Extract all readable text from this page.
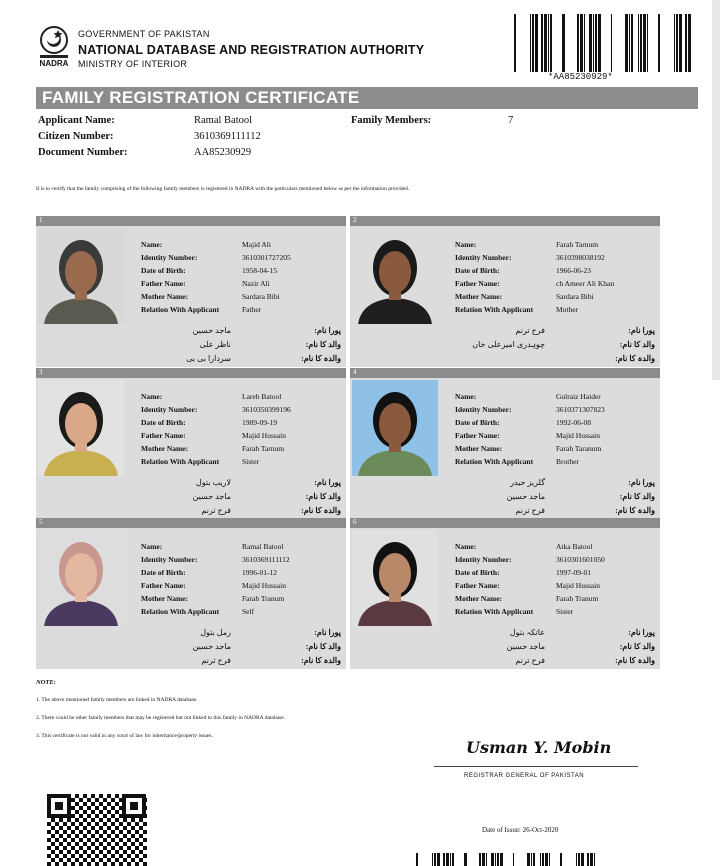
NADRA
GOVERNMENT OF PAKISTAN
NATIONAL DATABASE AND REGISTRATION AUTHORITY
MINISTRY OF INTERIOR
*AA85230929*
FAMILY REGISTRATION CERTIFICATE
Applicant Name:	Ramal Batool
Citizen Number:	3610369111112
Document Number:	AA85230929
Family Members:	7
It is to certify that the family comprising of the following family members is registered in NADRA with the particulars mentioned below as per the information provided.
1
Name:	Majid Ali
Identity Number:	3610301727205
Date of Birth:	1958-04-15
Father Name:	Nazir Ali
Mother Name:	Sardara Bibi
Relation With Applicant	Father
پورا نام:
ماجد حسین
والد کا نام:
ناظر علی
والدہ کا نام:
سردارا بی بی
2
Name:	Farah Tarnum
Identity Number:	3610398038192
Date of Birth:	1966-06-23
Father Name:	ch Ameer Ali Khan
Mother Name:	Sardara Bibi
Relation With Applicant	Mother
پورا نام:
فرح ترنم
والد کا نام:
چوہدری امیرعلی خاں
والدہ کا نام:
3
Name:	Lareb Batool
Identity Number:	3610350399196
Date of Birth:	1989-09-19
Father Name:	Majid Hussain
Mother Name:	Farah Tarnum
Relation With Applicant	Sister
پورا نام:
لاریب بتول
والد کا نام:
ماجد حسین
والدہ کا نام:
فرح ترنم
4
Name:	Gulraiz Haider
Identity Number:	3610371307823
Date of Birth:	1992-06-08
Father Name:	Majid Hussain
Mother Name:	Farah Taranum
Relation With Applicant	Brother
پورا نام:
گلریز حیدر
والد کا نام:
ماجد حسین
والدہ کا نام:
فرح ترنم
5
Name:	Ramal Batool
Identity Number:	3610369111112
Date of Birth:	1996-01-12
Father Name:	Majid Hussain
Mother Name:	Farah Tranum
Relation With Applicant	Self
پورا نام:
رمل بتول
والد کا نام:
ماجد حسین
والدہ کا نام:
فرح ترنم
6
Name:	Atka Batool
Identity Number:	3610301601050
Date of Birth:	1997-09-01
Father Name:	Majid Hussain
Mother Name:	Farah Tranum
Relation With Applicant	Sister
پورا نام:
عاتکہ بتول
والد کا نام:
ماجد حسین
والدہ کا نام:
فرح ترنم
NOTE:
1. The above mentioned family members are linked in NADRA database.
2. There could be other family members that may be registered but not linked to this family in NADRA database.
3. This certificate is not valid in any court of law for inheritance/property issues.
Usman Y. Mobin
REGISTRAR GENERAL OF PAKISTAN
Date of Issue: 26-Oct-2020
